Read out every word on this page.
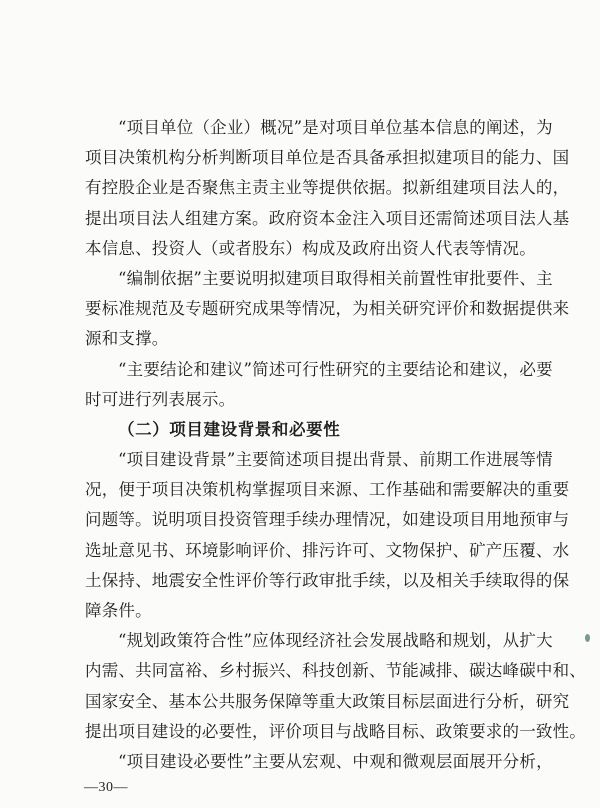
“项目单位（企业）概况”是对项目单位基本信息的阐述，为
项目决策机构分析判断项目单位是否具备承担拟建项目的能力、国
有控股企业是否聚焦主责主业等提供依据。拟新组建项目法人的，
提出项目法人组建方案。政府资本金注入项目还需简述项目法人基
本信息、投资人（或者股东）构成及政府出资人代表等情况。
“编制依据”主要说明拟建项目取得相关前置性审批要件、主
要标准规范及专题研究成果等情况，为相关研究评价和数据提供来
源和支撑。
“主要结论和建议”简述可行性研究的主要结论和建议，必要
时可进行列表展示。
（二）项目建设背景和必要性
“项目建设背景”主要简述项目提出背景、前期工作进展等情
况，便于项目决策机构掌握项目来源、工作基础和需要解决的重要
问题等。说明项目投资管理手续办理情况，如建设项目用地预审与
选址意见书、环境影响评价、排污许可、文物保护、矿产压覆、水
土保持、地震安全性评价等行政审批手续，以及相关手续取得的保
障条件。
“规划政策符合性”应体现经济社会发展战略和规划，从扩大
内需、共同富裕、乡村振兴、科技创新、节能减排、碳达峰碳中和、
国家安全、基本公共服务保障等重大政策目标层面进行分析，研究
提出项目建设的必要性，评价项目与战略目标、政策要求的一致性。
“项目建设必要性”主要从宏观、中观和微观层面展开分析，
—30—
